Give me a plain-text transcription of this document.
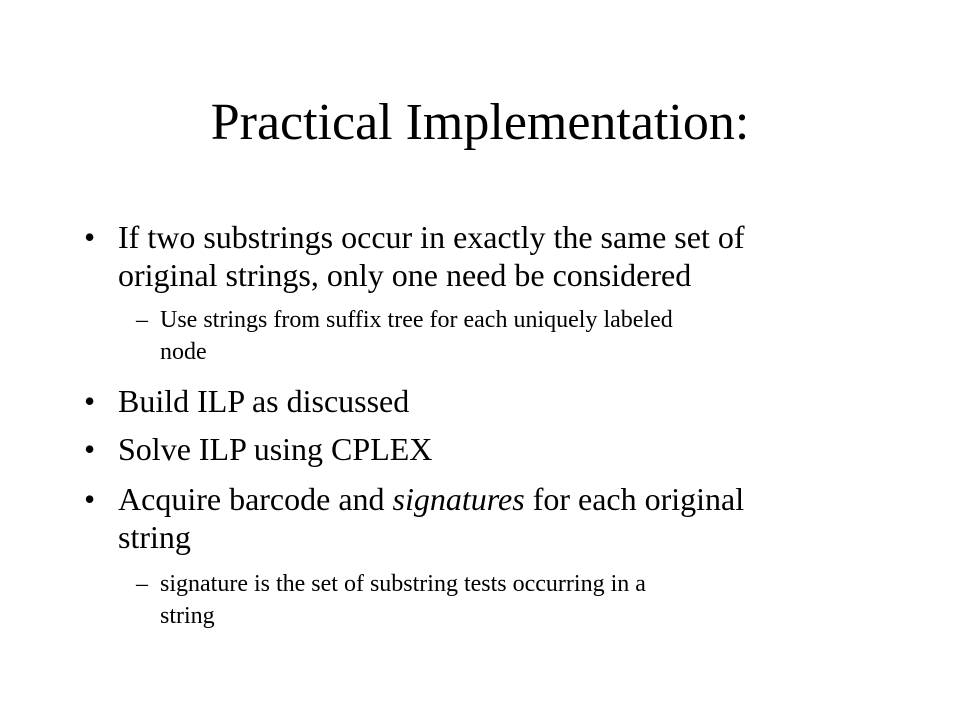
Practical Implementation:
• If two substrings occur in exactly the same set of
original strings, only one need be considered
– Use strings from suffix tree for each uniquely labeled
node
• Build ILP as discussed
• Solve ILP using CPLEX
• Acquire barcode and signatures for each original
string
– signature is the set of substring tests occurring in a
string
